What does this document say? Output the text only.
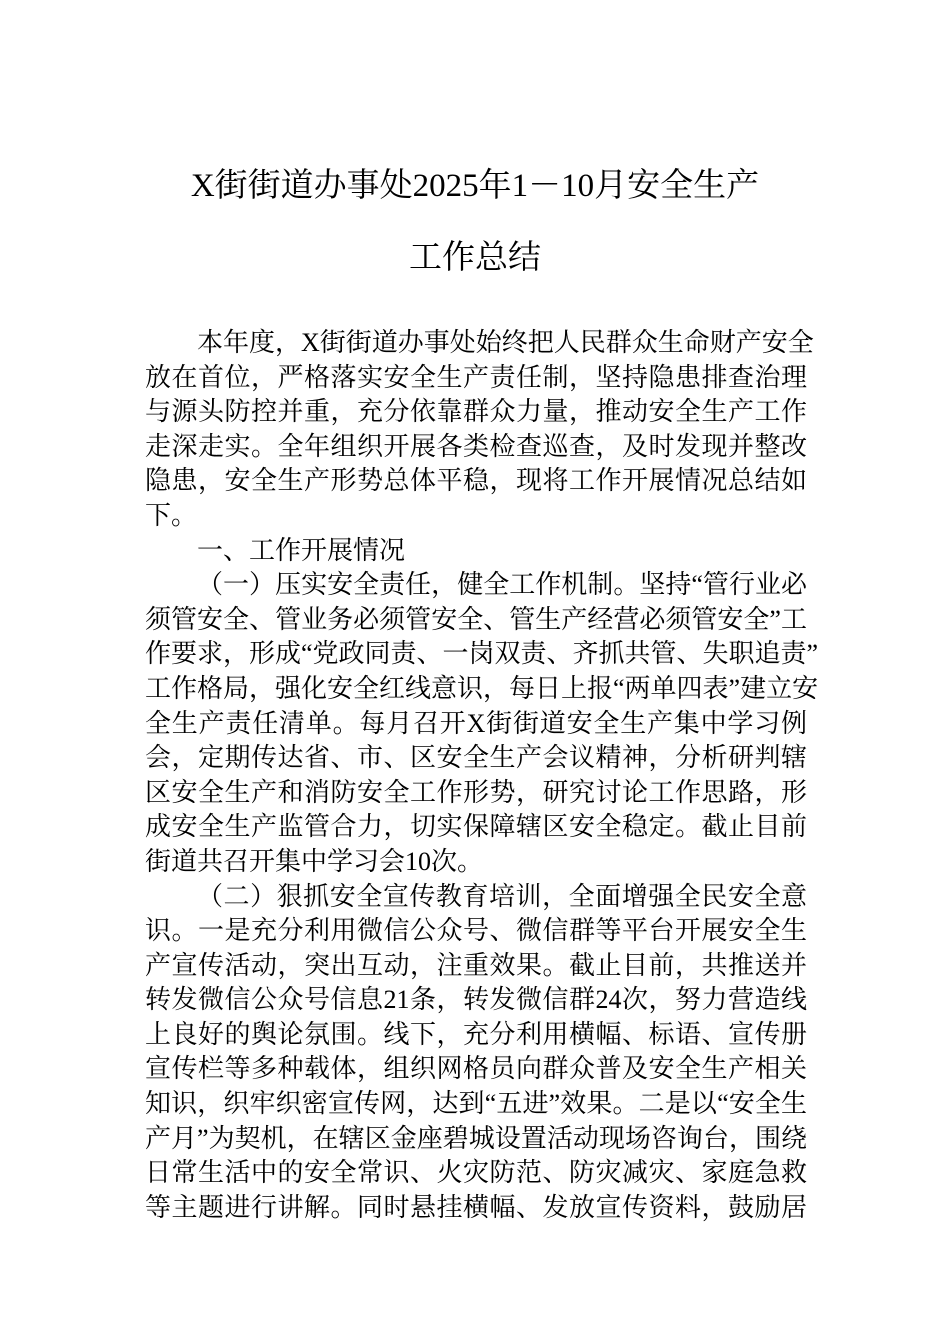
X街街道办事处2025年1－10月安全生产
工作总结
本年度，X街街道办事处始终把人民群众生命财产安全
放在首位，严格落实安全生产责任制，坚持隐患排查治理
与源头防控并重，充分依靠群众力量，推动安全生产工作
走深走实。全年组织开展各类检查巡查，及时发现并整改
隐患，安全生产形势总体平稳，现将工作开展情况总结如
下。
一、工作开展情况
（一）压实安全责任，健全工作机制。坚持“管行业必
须管安全、管业务必须管安全、管生产经营必须管安全”工
作要求，形成“党政同责、一岗双责、齐抓共管、失职追责”
工作格局，强化安全红线意识，每日上报“两单四表”建立安
全生产责任清单。每月召开X街街道安全生产集中学习例
会，定期传达省、市、区安全生产会议精神，分析研判辖
区安全生产和消防安全工作形势，研究讨论工作思路，形
成安全生产监管合力，切实保障辖区安全稳定。截止目前
街道共召开集中学习会10次。
（二）狠抓安全宣传教育培训，全面增强全民安全意
识。一是充分利用微信公众号、微信群等平台开展安全生
产宣传活动，突出互动，注重效果。截止目前，共推送并
转发微信公众号信息21条，转发微信群24次，努力营造线
上良好的舆论氛围。线下，充分利用横幅、标语、宣传册
宣传栏等多种载体，组织网格员向群众普及安全生产相关
知识，织牢织密宣传网，达到“五进”效果。二是以“安全生
产月”为契机，在辖区金座碧城设置活动现场咨询台，围绕
日常生活中的安全常识、火灾防范、防灾减灾、家庭急救
等主题进行讲解。同时悬挂横幅、发放宣传资料，鼓励居
